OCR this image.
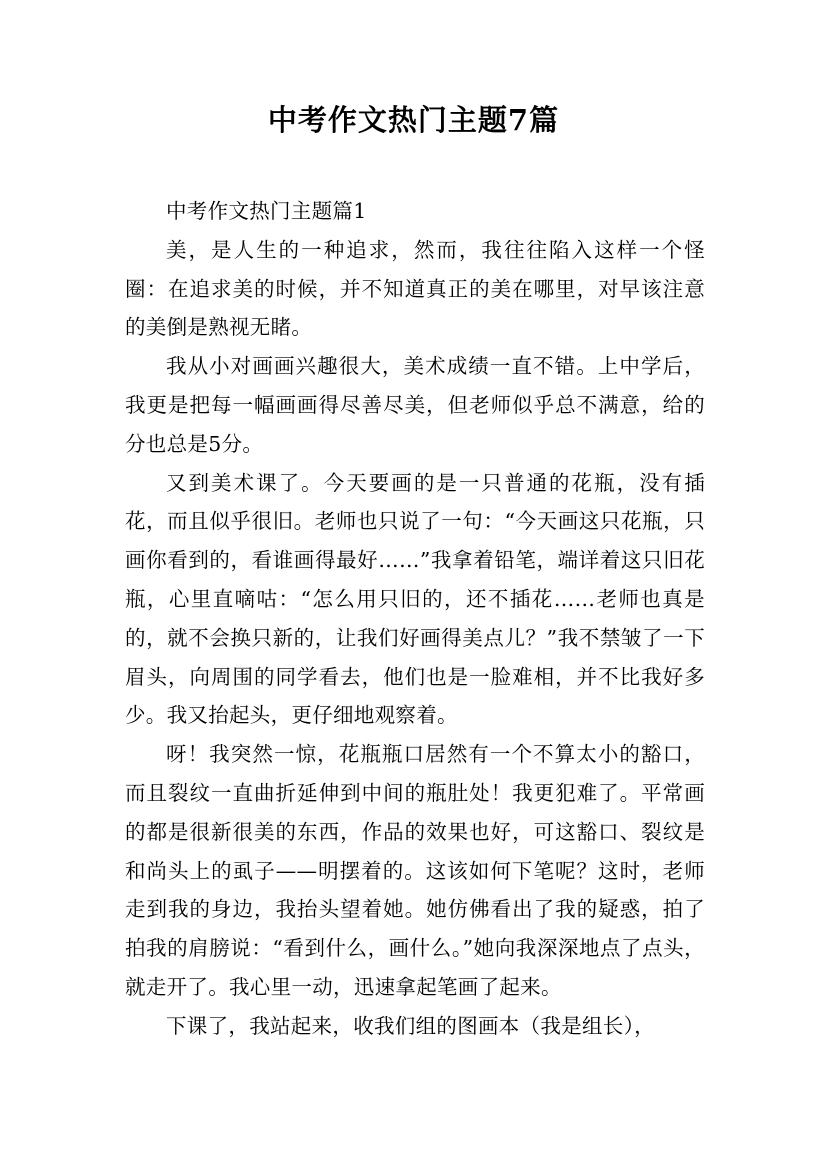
中考作文热门主题7篇

中考作文热门主题篇1

美，是人生的一种追求，然而，我往往陷入这样一个怪圈：在追求美的时候，并不知道真正的美在哪里，对早该注意的美倒是熟视无睹。

我从小对画画兴趣很大，美术成绩一直不错。上中学后，我更是把每一幅画画得尽善尽美，但老师似乎总不满意，给的分也总是5分。

又到美术课了。今天要画的是一只普通的花瓶，没有插花，而且似乎很旧。老师也只说了一句：“今天画这只花瓶，只画你看到的，看谁画得最好……”我拿着铅笔，端详着这只旧花瓶，心里直嘀咕：“怎么用只旧的，还不插花……老师也真是的，就不会换只新的，让我们好画得美点儿？”我不禁皱了一下眉头，向周围的同学看去，他们也是一脸难相，并不比我好多少。我又抬起头，更仔细地观察着。

呀！我突然一惊，花瓶瓶口居然有一个不算太小的豁口，而且裂纹一直曲折延伸到中间的瓶肚处！我更犯难了。平常画的都是很新很美的东西，作品的效果也好，可这豁口、裂纹是和尚头上的虱子——明摆着的。这该如何下笔呢？这时，老师走到我的身边，我抬头望着她。她仿佛看出了我的疑惑，拍了拍我的肩膀说：“看到什么，画什么。”她向我深深地点了点头，就走开了。我心里一动，迅速拿起笔画了起来。

下课了，我站起来，收我们组的图画本（我是组长），
